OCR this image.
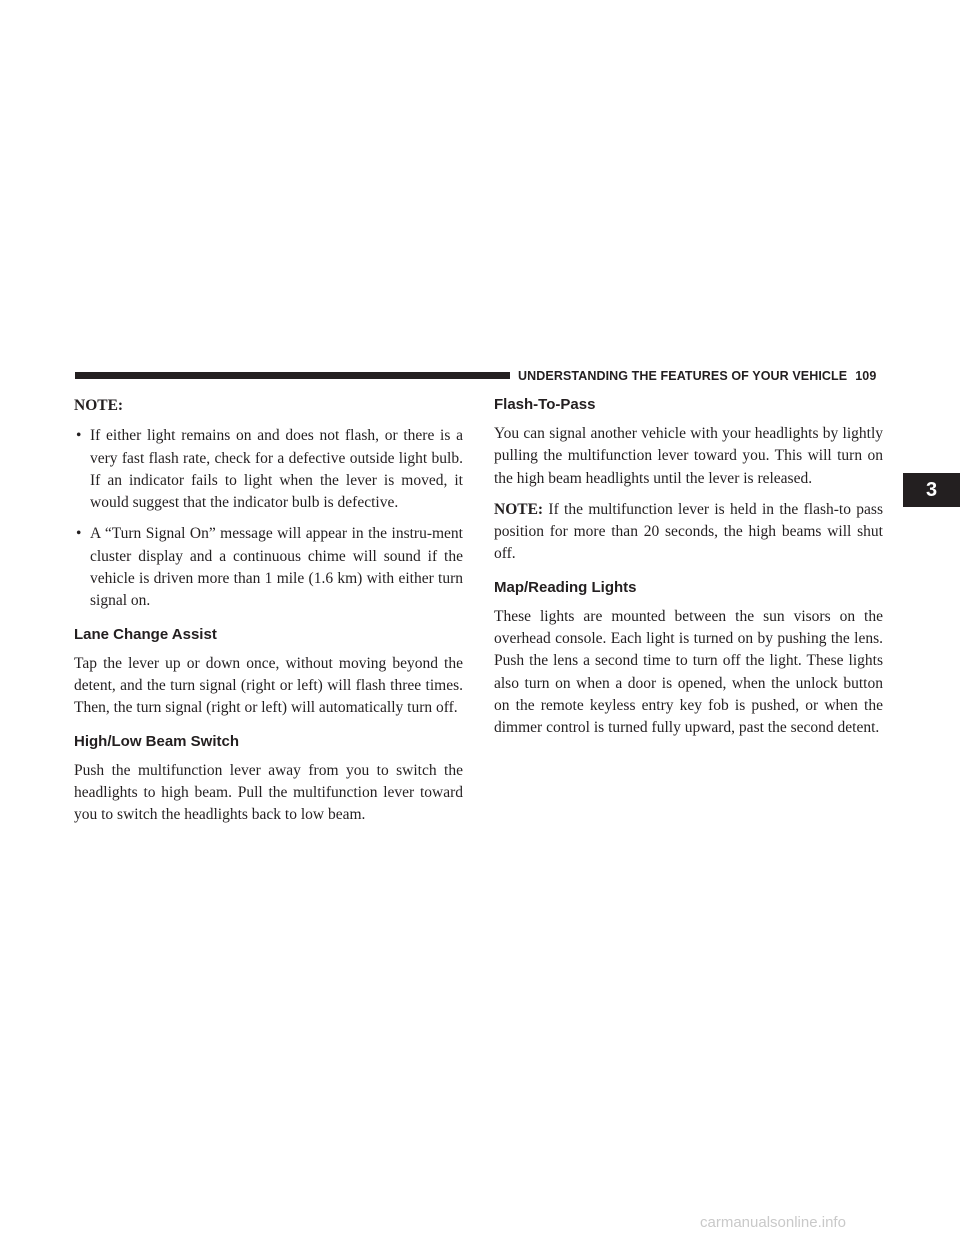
UNDERSTANDING THE FEATURES OF YOUR VEHICLE 109
3

NOTE:

• If either light remains on and does not flash, or there is a very fast flash rate, check for a defective outside light bulb. If an indicator fails to light when the lever is moved, it would suggest that the indicator bulb is defective.

• A “Turn Signal On” message will appear in the instru-ment cluster display and a continuous chime will sound if the vehicle is driven more than 1 mile (1.6 km) with either turn signal on.

Lane Change Assist

Tap the lever up or down once, without moving beyond the detent, and the turn signal (right or left) will flash three times. Then, the turn signal (right or left) will automatically turn off.

High/Low Beam Switch

Push the multifunction lever away from you to switch the headlights to high beam. Pull the multifunction lever toward you to switch the headlights back to low beam.

Flash-To-Pass

You can signal another vehicle with your headlights by lightly pulling the multifunction lever toward you. This will turn on the high beam headlights until the lever is released.

NOTE: If the multifunction lever is held in the flash-to pass position for more than 20 seconds, the high beams will shut off.

Map/Reading Lights

These lights are mounted between the sun visors on the overhead console. Each light is turned on by pushing the lens. Push the lens a second time to turn off the light. These lights also turn on when a door is opened, when the unlock button on the remote keyless entry key fob is pushed, or when the dimmer control is turned fully upward, past the second detent.

carmanualsonline.info
